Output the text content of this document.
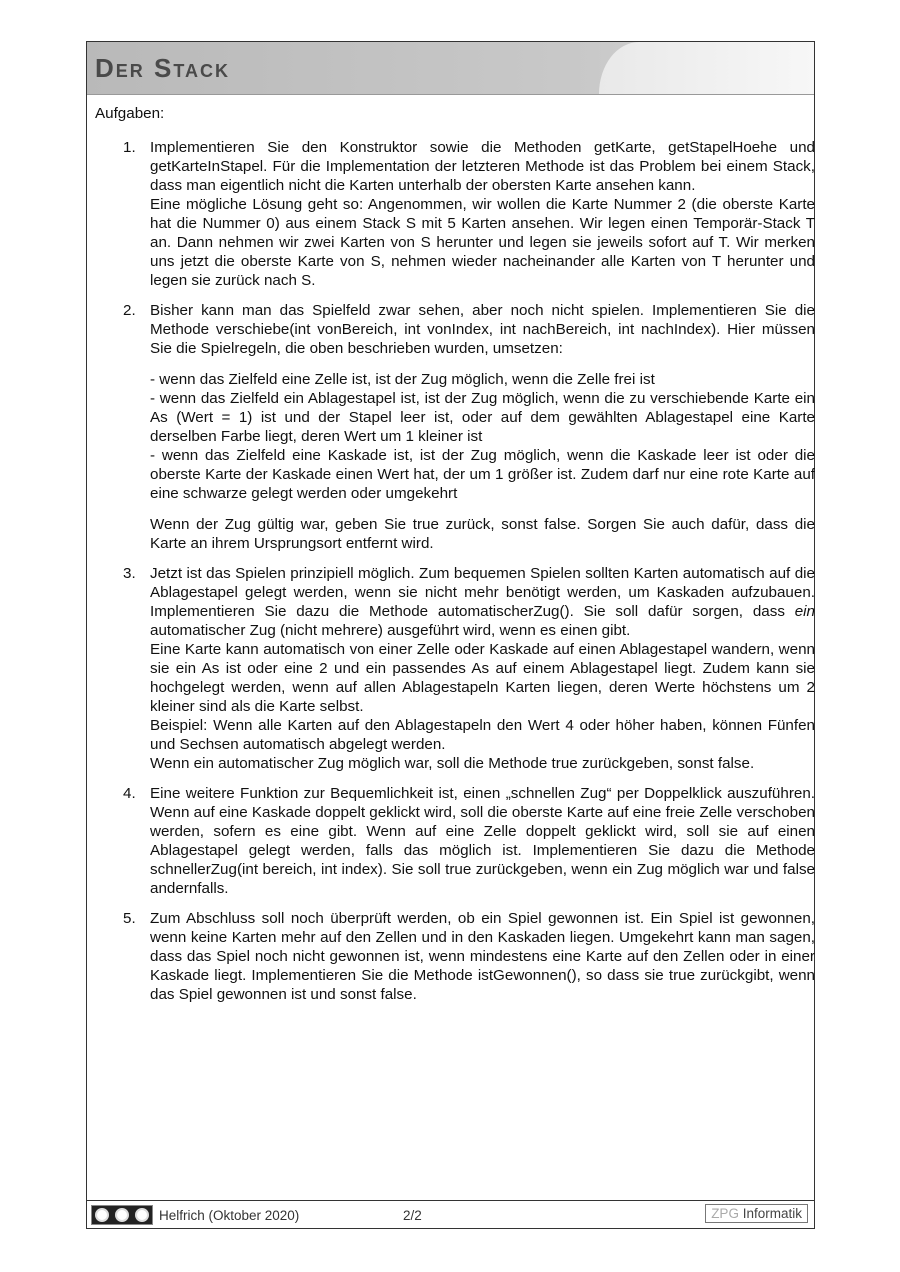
Der Stack

Aufgaben:

1. Implementieren Sie den Konstruktor sowie die Methoden getKarte, getStapelHoehe und getKarteInStapel. Für die Implementation der letzteren Methode ist das Problem bei einem Stack, dass man eigentlich nicht die Karten unterhalb der obersten Karte ansehen kann.

Eine mögliche Lösung geht so: Angenommen, wir wollen die Karte Nummer 2 (die oberste Karte hat die Nummer 0) aus einem Stack S mit 5 Karten ansehen. Wir legen einen Temporär-Stack T an. Dann nehmen wir zwei Karten von S herunter und legen sie jeweils sofort auf T. Wir merken uns jetzt die oberste Karte von S, nehmen wieder nacheinander alle Karten von T herunter und legen sie zurück nach S.

2. Bisher kann man das Spielfeld zwar sehen, aber noch nicht spielen. Implementieren Sie die Methode verschiebe(int vonBereich, int vonIndex, int nachBereich, int nachIndex). Hier müssen Sie die Spielregeln, die oben beschrieben wurden, umsetzen:

- wenn das Zielfeld eine Zelle ist, ist der Zug möglich, wenn die Zelle frei ist

- wenn das Zielfeld ein Ablagestapel ist, ist der Zug möglich, wenn die zu verschiebende Karte ein As (Wert = 1) ist und der Stapel leer ist, oder auf dem gewählten Ablagestapel eine Karte derselben Farbe liegt, deren Wert um 1 kleiner ist

- wenn das Zielfeld eine Kaskade ist, ist der Zug möglich, wenn die Kaskade leer ist oder die oberste Karte der Kaskade einen Wert hat, der um 1 größer ist. Zudem darf nur eine rote Karte auf eine schwarze gelegt werden oder umgekehrt

Wenn der Zug gültig war, geben Sie true zurück, sonst false. Sorgen Sie auch dafür, dass die Karte an ihrem Ursprungsort entfernt wird.

3. Jetzt ist das Spielen prinzipiell möglich. Zum bequemen Spielen sollten Karten automatisch auf die Ablagestapel gelegt werden, wenn sie nicht mehr benötigt werden, um Kaskaden aufzubauen. Implementieren Sie dazu die Methode automatischerZug(). Sie soll dafür sorgen, dass ein automatischer Zug (nicht mehrere) ausgeführt wird, wenn es einen gibt.

Eine Karte kann automatisch von einer Zelle oder Kaskade auf einen Ablagestapel wandern, wenn sie ein As ist oder eine 2 und ein passendes As auf einem Ablagestapel liegt. Zudem kann sie hochgelegt werden, wenn auf allen Ablagestapeln Karten liegen, deren Werte höchstens um 2 kleiner sind als die Karte selbst.

Beispiel: Wenn alle Karten auf den Ablagestapeln den Wert 4 oder höher haben, können Fünfen und Sechsen automatisch abgelegt werden.

Wenn ein automatischer Zug möglich war, soll die Methode true zurückgeben, sonst false.

4. Eine weitere Funktion zur Bequemlichkeit ist, einen „schnellen Zug“ per Doppelklick auszuführen. Wenn auf eine Kaskade doppelt geklickt wird, soll die oberste Karte auf eine freie Zelle verschoben werden, sofern es eine gibt. Wenn auf eine Zelle doppelt geklickt wird, soll sie auf einen Ablagestapel gelegt werden, falls das möglich ist. Implementieren Sie dazu die Methode schnellerZug(int bereich, int index). Sie soll true zurückgeben, wenn ein Zug möglich war und false andernfalls.

5. Zum Abschluss soll noch überprüft werden, ob ein Spiel gewonnen ist. Ein Spiel ist gewonnen, wenn keine Karten mehr auf den Zellen und in den Kaskaden liegen. Umgekehrt kann man sagen, dass das Spiel noch nicht gewonnen ist, wenn mindestens eine Karte auf den Zellen oder in einer Kaskade liegt. Implementieren Sie die Methode istGewonnen(), so dass sie true zurückgibt, wenn das Spiel gewonnen ist und sonst false.

Helfrich (Oktober 2020)	2/2	ZPG Informatik
